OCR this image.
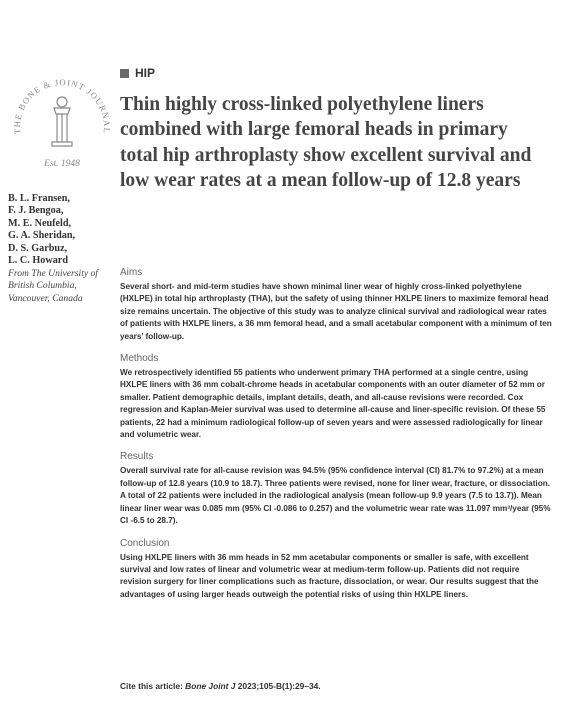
THE BONE & JOINT JOURNAL
Est. 1948
B. L. Fransen,
F. J. Bengoa,
M. E. Neufeld,
G. A. Sheridan,
D. S. Garbuz,
L. C. Howard
From The University of British Columbia, Vancouver, Canada
HIP
Thin highly cross-linked polyethylene liners combined with large femoral heads in primary total hip arthroplasty show excellent survival and low wear rates at a mean follow-up of 12.8 years
Aims

Several short- and mid-term studies have shown minimal liner wear of highly cross-linked polyethylene (HXLPE) in total hip arthroplasty (THA), but the safety of using thinner HXLPE liners to maximize femoral head size remains uncertain. The objective of this study was to analyze clinical survival and radiological wear rates of patients with HXLPE liners, a 36 mm femoral head, and a small acetabular component with a minimum of ten years’ follow-up.

Methods

We retrospectively identified 55 patients who underwent primary THA performed at a single centre, using HXLPE liners with 36 mm cobalt-chrome heads in acetabular components with an outer diameter of 52 mm or smaller. Patient demographic details, implant details, death, and all-cause revisions were recorded. Cox regression and Kaplan-Meier survival was used to determine all-cause and liner-specific revision. Of these 55 patients, 22 had a minimum radiological follow-up of seven years and were assessed radiologically for linear and volumetric wear.

Results

Overall survival rate for all-cause revision was 94.5% (95% confidence interval (CI) 81.7% to 97.2%) at a mean follow-up of 12.8 years (10.9 to 18.7). Three patients were revised, none for liner wear, fracture, or dissociation. A total of 22 patients were included in the radiological analysis (mean follow-up 9.9 years (7.5 to 13.7)). Mean linear liner wear was 0.085 mm (95% CI -0.086 to 0.257) and the volumetric wear rate was 11.097 mm³/year (95% CI -6.5 to 28.7).

Conclusion

Using HXLPE liners with 36 mm heads in 52 mm acetabular components or smaller is safe, with excellent survival and low rates of linear and volumetric wear at medium-term follow-up. Patients did not require revision surgery for liner complications such as fracture, dissociation, or wear. Our results suggest that the advantages of using larger heads outweigh the potential risks of using thin HXLPE liners.

Cite this article: Bone Joint J 2023;105-B(1):29–34.
